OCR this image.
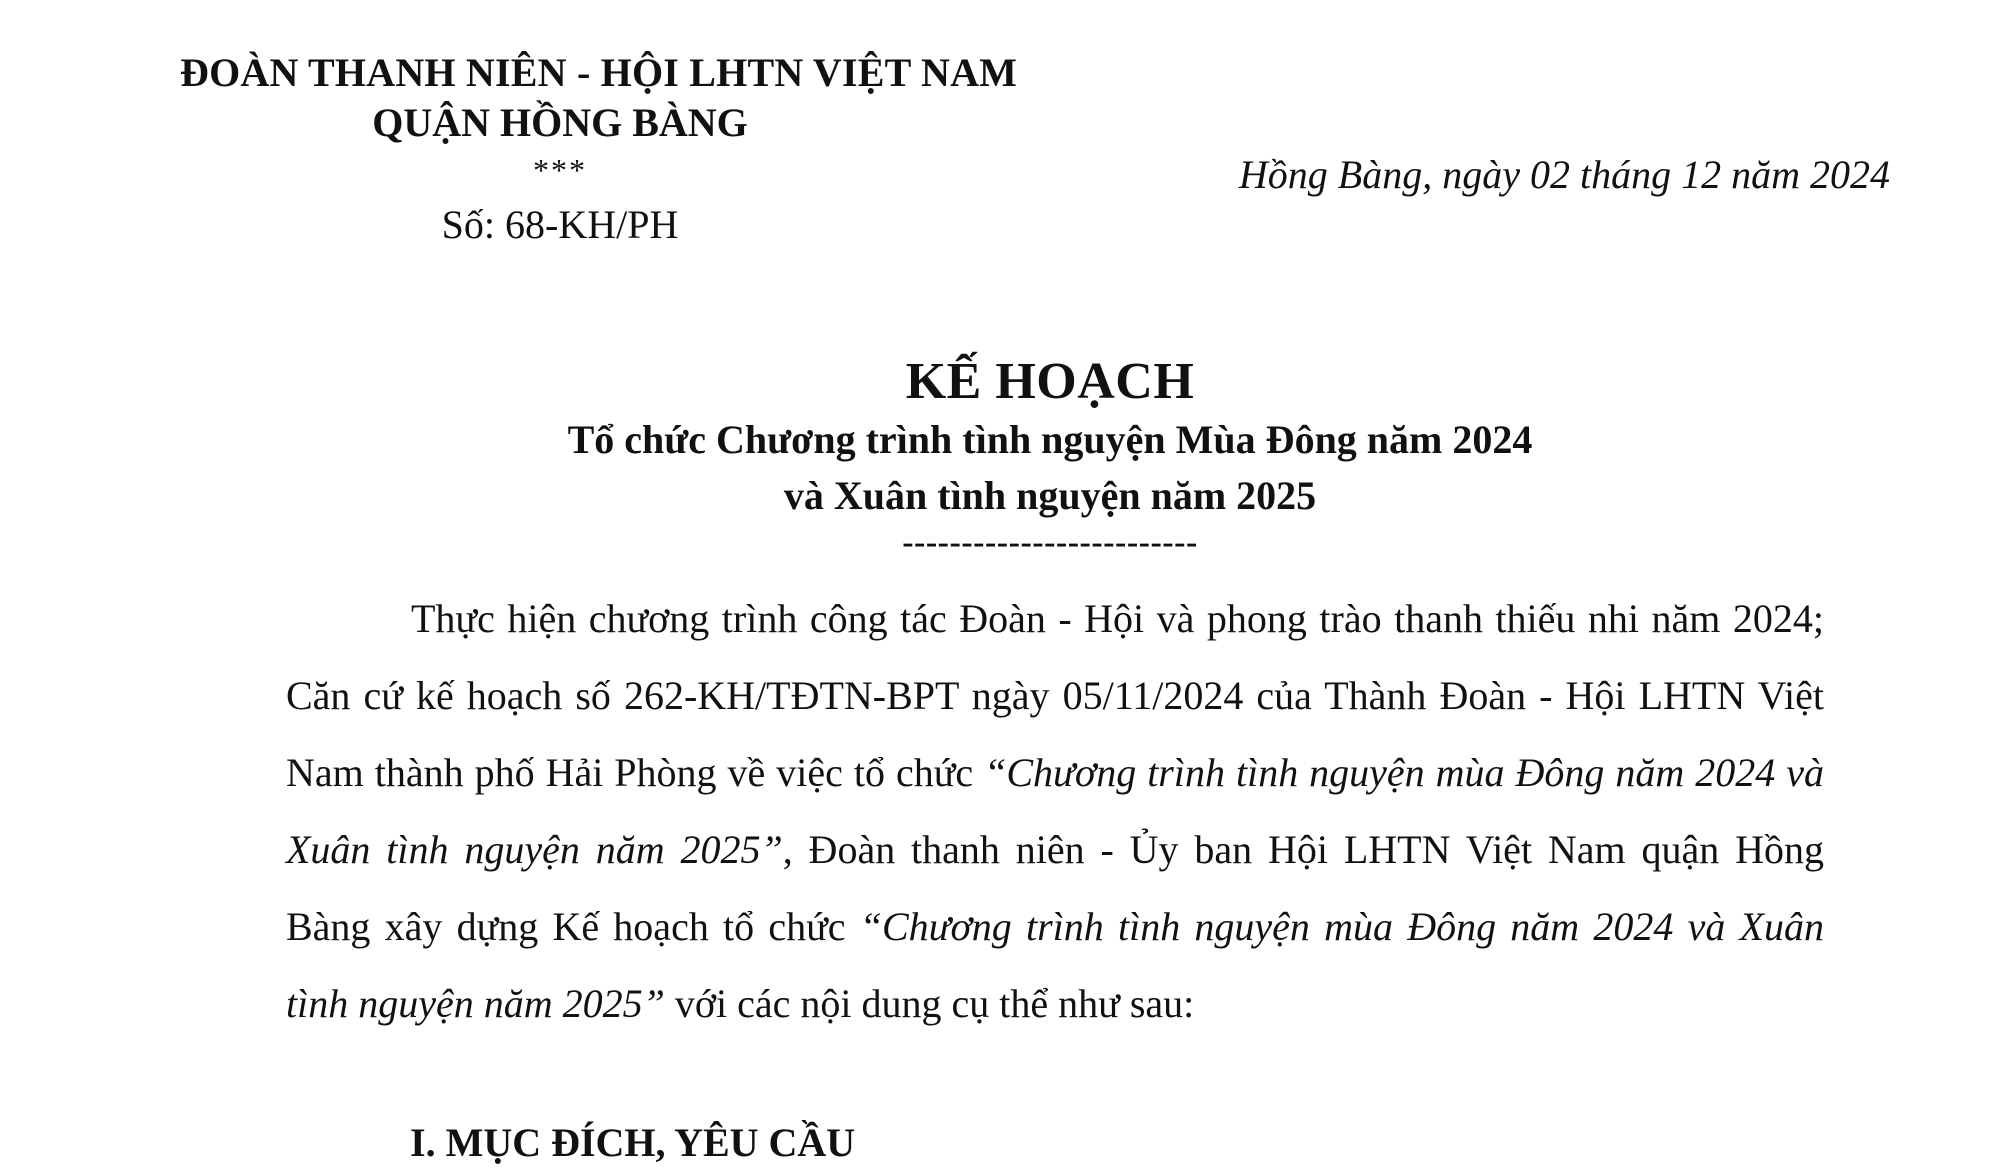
ĐOÀN THANH NIÊN - HỘI LHTN VIỆT NAM
QUẬN HỒNG BÀNG
***
Số: 68-KH/PH
Hồng Bàng, ngày 02 tháng 12 năm 2024
KẾ HOẠCH
Tổ chức Chương trình tình nguyện Mùa Đông năm 2024
và Xuân tình nguyện năm 2025
-------------------------

Thực hiện chương trình công tác Đoàn - Hội và phong trào thanh thiếu nhi năm 2024; Căn cứ kế hoạch số 262-KH/TĐTN-BPT ngày 05/11/2024 của Thành Đoàn - Hội LHTN Việt Nam thành phố Hải Phòng về việc tổ chức “Chương trình tình nguyện mùa Đông năm 2024 và Xuân tình nguyện năm 2025”, Đoàn thanh niên - Ủy ban Hội LHTN Việt Nam quận Hồng Bàng xây dựng Kế hoạch tổ chức “Chương trình tình nguyện mùa Đông năm 2024 và Xuân tình nguyện năm 2025” với các nội dung cụ thể như sau:

I. MỤC ĐÍCH, YÊU CẦU
